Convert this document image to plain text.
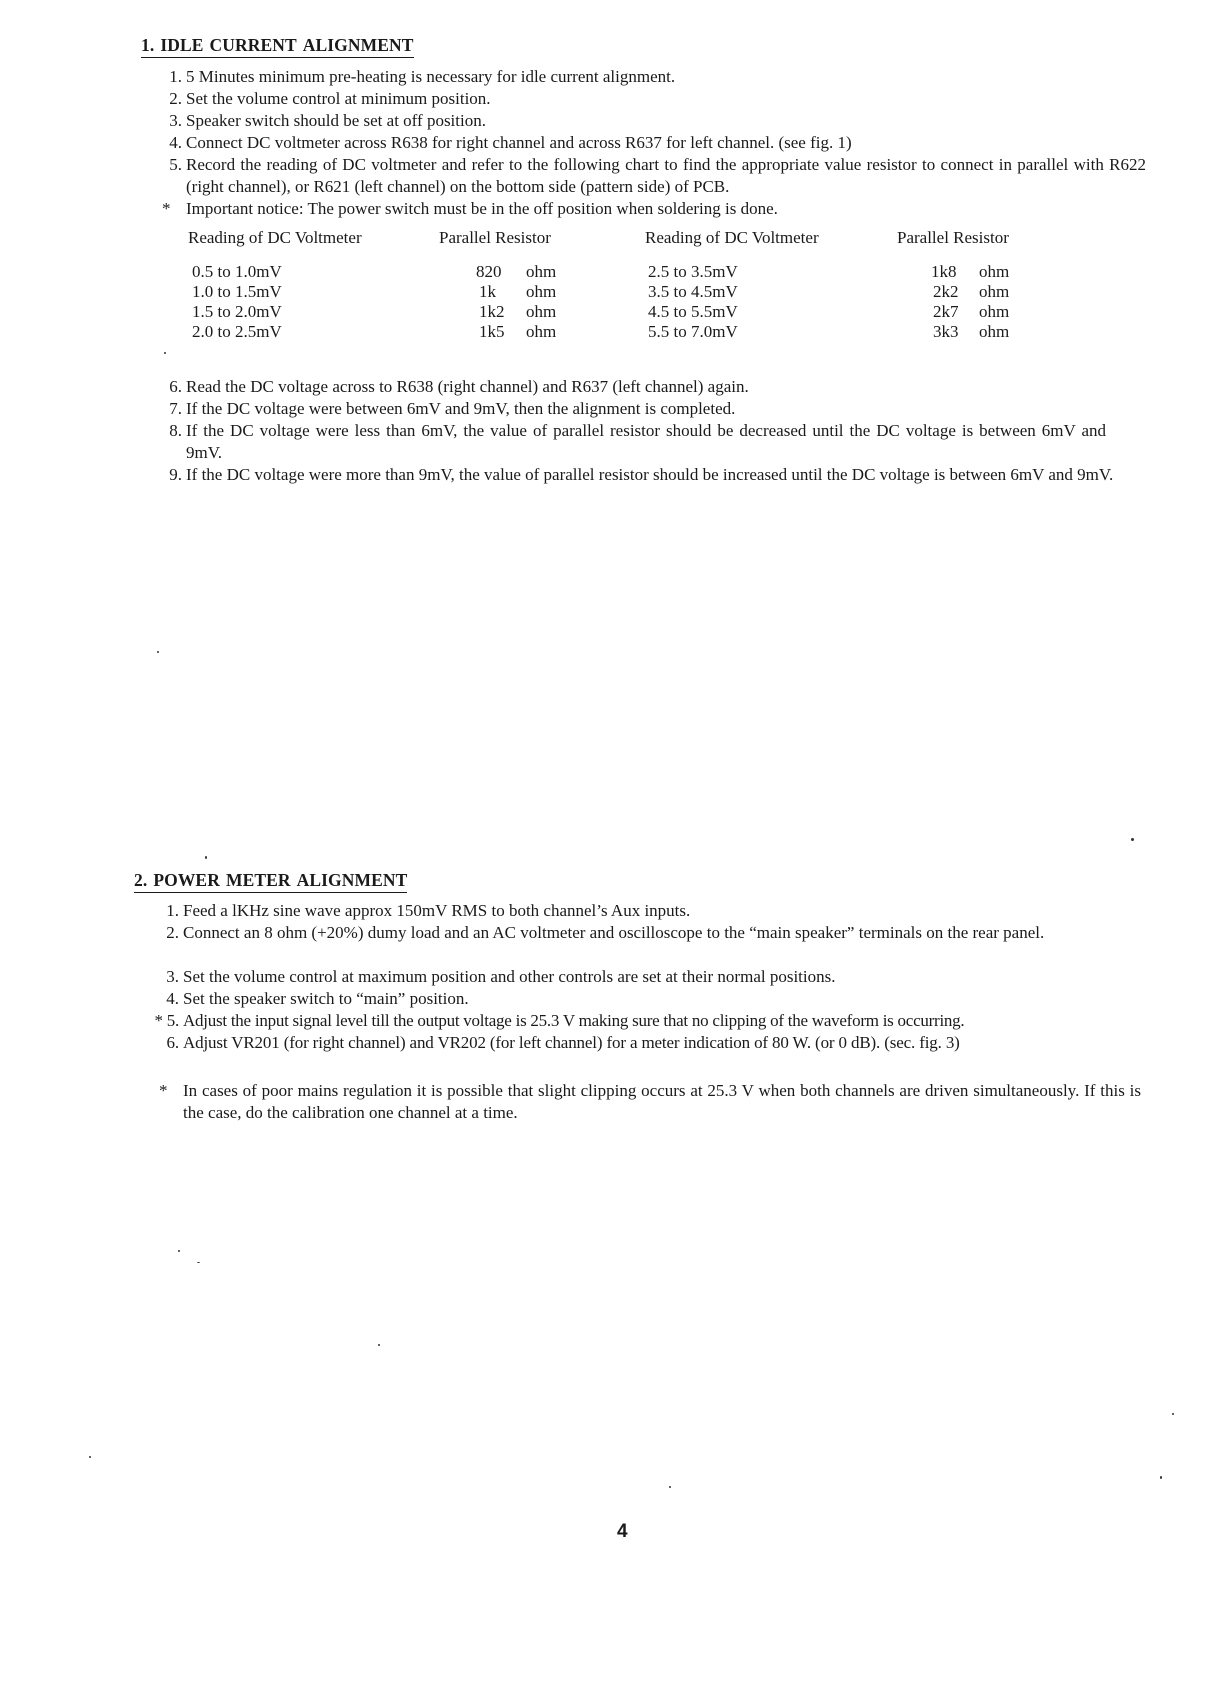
1. IDLE CURRENT ALIGNMENT
1. 5 Minutes minimum pre-heating is necessary for idle current alignment.
2. Set the volume control at minimum position.
3. Speaker switch should be set at off position.
4. Connect DC voltmeter across R638 for right channel and across R637 for left channel. (see fig. 1)
5. Record the reading of DC voltmeter and refer to the following chart to find the appropriate value resistor to connect in parallel with R622 (right channel), or R621 (left channel) on the bottom side (pattern side) of PCB.
* Important notice: The power switch must be in the off position when soldering is done.
Reading of DC Voltmeter	Parallel Resistor	Reading of DC Voltmeter	Parallel Resistor
0.5 to 1.0mV	820 ohm	2.5 to 3.5mV	1k8 ohm
1.0 to 1.5mV	1k ohm	3.5 to 4.5mV	2k2 ohm
1.5 to 2.0mV	1k2 ohm	4.5 to 5.5mV	2k7 ohm
2.0 to 2.5mV	1k5 ohm	5.5 to 7.0mV	3k3 ohm
6. Read the DC voltage across to R638 (right channel) and R637 (left channel) again.
7. If the DC voltage were between 6mV and 9mV, then the alignment is completed.
8. If the DC voltage were less than 6mV, the value of parallel resistor should be decreased until the DC voltage is between 6mV and 9mV.
9. If the DC voltage were more than 9mV, the value of parallel resistor should be increased until the DC voltage is between 6mV and 9mV.
2. POWER METER ALIGNMENT
1. Feed a lKHz sine wave approx 150mV RMS to both channel’s Aux inputs.
2. Connect an 8 ohm (+20%) dumy load and an AC voltmeter and oscilloscope to the “main speaker” terminals on the rear panel.
3. Set the volume control at maximum position and other controls are set at their normal positions.
4. Set the speaker switch to “main” position.
* 5. Adjust the input signal level till the output voltage is 25.3 V making sure that no clipping of the waveform is occurring.
6. Adjust VR201 (for right channel) and VR202 (for left channel) for a meter indication of 80 W. (or 0 dB). (sec. fig. 3)
* In cases of poor mains regulation it is possible that slight clipping occurs at 25.3 V when both channels are driven simultaneously. If this is the case, do the calibration one channel at a time.
4
